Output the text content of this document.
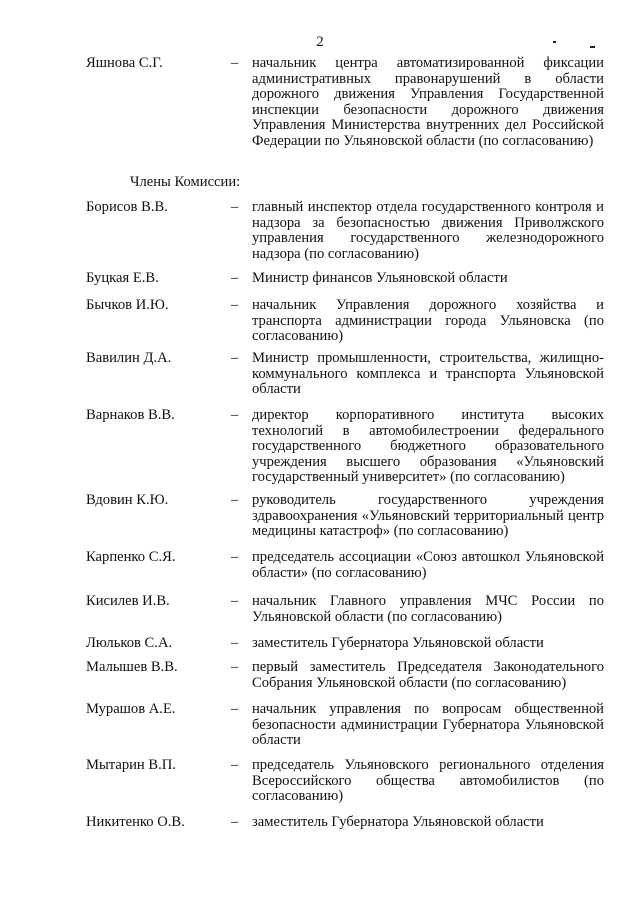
2
Яшнова С.Г.	– начальник центра автоматизированной фиксации административных правонарушений в области дорожного движения Управления Государственной инспекции безопасности дорожного движения Управления Министерства внутренних дел Российской Федерации по Ульяновской области (по согласованию)
Члены Комиссии:
Борисов В.В.	– главный инспектор отдела государственного контроля и надзора за безопасностью движения Приволжского управления государственного железнодорожного надзора (по согласованию)
Буцкая Е.В.	– Министр финансов Ульяновской области
Бычков И.Ю.	– начальник Управления дорожного хозяйства и транспорта администрации города Ульяновска (по согласованию)
Вавилин Д.А.	– Министр промышленности, строительства, жилищно-коммунального комплекса и транспорта Ульяновской области
Варнаков В.В.	– директор корпоративного института высоких технологий в автомобилестроении федерального государственного бюджетного образовательного учреждения высшего образования «Ульяновский государственный университет» (по согласованию)
Вдовин К.Ю.	– руководитель государственного учреждения здравоохранения «Ульяновский территориальный центр медицины катастроф» (по согласованию)
Карпенко С.Я.	– председатель ассоциации «Союз автошкол Ульяновской области» (по согласованию)
Кисилев И.В.	– начальник Главного управления МЧС России по Ульяновской области (по согласованию)
Люльков С.А.	– заместитель Губернатора Ульяновской области
Малышев В.В.	– первый заместитель Председателя Законодательного Собрания Ульяновской области (по согласованию)
Мурашов А.Е.	– начальник управления по вопросам общественной безопасности администрации Губернатора Ульяновской области
Мытарин В.П.	– председатель Ульяновского регионального отделения Всероссийского общества автомобилистов (по согласованию)
Никитенко О.В.	– заместитель Губернатора Ульяновской области
